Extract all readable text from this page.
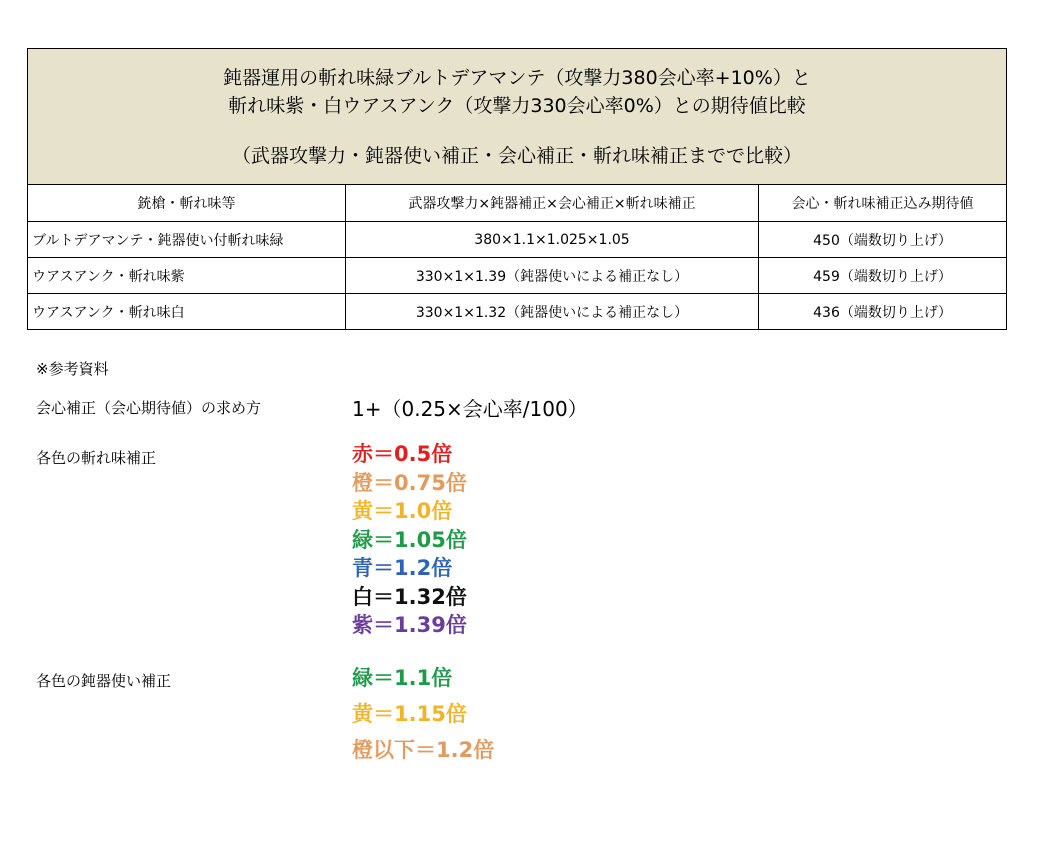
鈍器運用の斬れ味緑ブルトデアマンテ（攻撃力380会心率+10%）と
斬れ味紫・白ウアスアンク（攻撃力330会心率0%）との期待値比較
（武器攻撃力・鈍器使い補正・会心補正・斬れ味補正までで比較）		

銃槍・斬れ味等	武器攻撃力×鈍器補正×会心補正×斬れ味補正	会心・斬れ味補正込み期待値
ブルトデアマンテ・鈍器使い付斬れ味緑	380×1.1×1.025×1.05	450（端数切り上げ）
ウアスアンク・斬れ味紫	330×1×1.39（鈍器使いによる補正なし）	459（端数切り上げ）
ウアスアンク・斬れ味白	330×1×1.32（鈍器使いによる補正なし）	436（端数切り上げ）
※参考資料
会心補正（会心期待値）の求め方	1+（0.25×会心率/100）
各色の斬れ味補正	赤＝0.5倍
橙＝0.75倍
黄＝1.0倍
緑＝1.05倍
青＝1.2倍
白＝1.32倍
紫＝1.39倍
各色の鈍器使い補正	緑＝1.1倍
黄＝1.15倍
橙以下＝1.2倍
